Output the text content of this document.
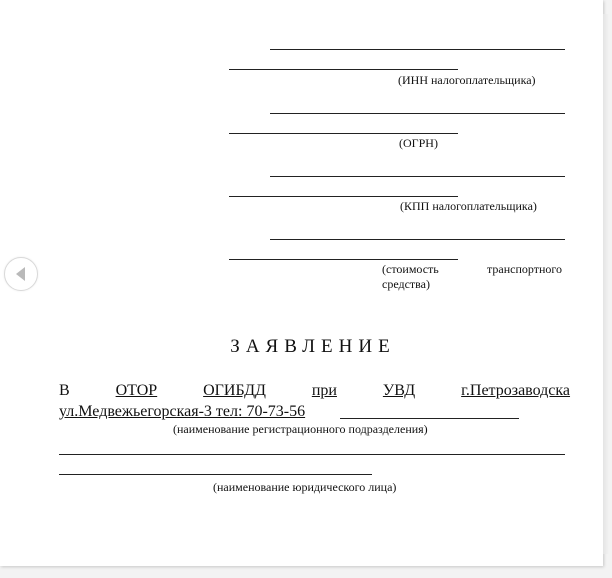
(ИНН налогоплательщика)
(ОГРН)
(КПП налогоплательщика)
(стоимость	транспортного
средства)
ЗАЯВЛЕНИЕ
В	ОТОР	ОГИБДД	при	УВД	г.Петрозаводска
ул.Медвежьегорская-3 тел: 70-73-56
(наименование регистрационного подразделения)
(наименование юридического лица)
